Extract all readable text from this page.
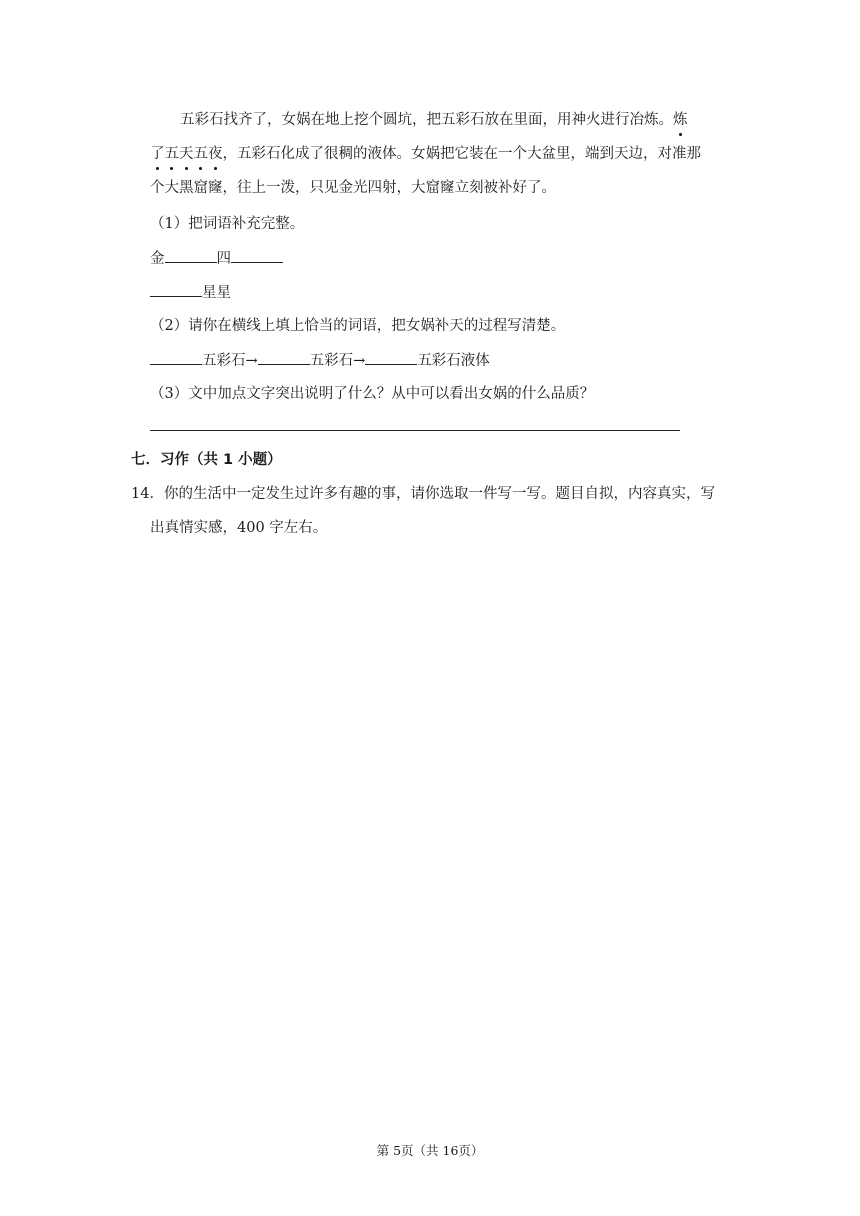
五彩石找齐了，女娲在地上挖个圆坑，把五彩石放在里面，用神火进行冶炼。炼
了五天五夜，五彩石化成了很稠的液体。女娲把它装在一个大盆里，端到天边，对准那
个大黑窟窿，往上一泼，只见金光四射，大窟窿立刻被补好了。
（1）把词语补充完整。
金	四
星星
（2）请你在横线上填上恰当的词语，把女娲补天的过程写清楚。
五彩石→	五彩石→	五彩石液体
（3）文中加点文字突出说明了什么？从中可以看出女娲的什么品质？
七．习作（共 1 小题）
14．你的生活中一定发生过许多有趣的事，请你选取一件写一写。题目自拟，内容真实，写
出真情实感，400 字左右。
第 5页（共 16页）
